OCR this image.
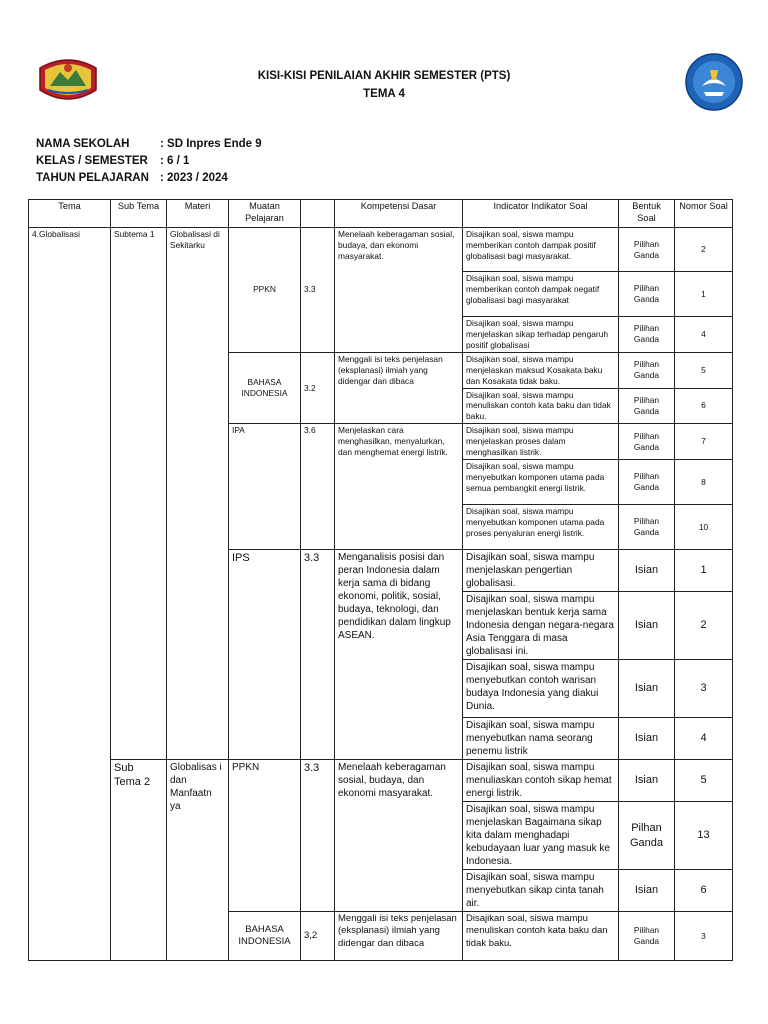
KISI-KISI PENILAIAN AKHIR SEMESTER (PTS)
TEMA 4
NAMA SEKOLAH	: SD Inpres Ende 9
KELAS / SEMESTER : 6 / 1
TAHUN PELAJARAN : 2023 / 2024
Tema	Sub Tema	Materi	Muatan Pelajaran		Kompetensi Dasar	Indicator Indikator Soal	Bentuk Soal	Nomor Soal
4.Globalisasi	Subtema 1	Globalisasi di Sekitarku	PPKN	3.3	Menelaah keberagaman sosial, budaya, dan ekonomi masyarakat.	Disajikan soal, siswa mampu memberikan contoh dampak positif globalisasi bagi masyarakat.	Pilihan Ganda	2
						Disajikan soal, siswa mampu memberikan contoh dampak negatif globalisasi bagi masyarakat	Pilihan Ganda	1
						Disajikan soal, siswa mampu menjelaskan sikap terhadap pengaruh positif globalisasi	Pilihan Ganda	4
			BAHASA INDONESIA	3.2	Menggali isi teks penjelasan (eksplanasi) ilmiah yang didengar dan dibaca	Disajikan soal, siswa mampu menjelaskan maksud Kosakata baku dan Kosakata tidak baku.	Pilihan Ganda	5
						Disajikan soal, siswa mampu menuliskan contoh kata baku dan tidak baku.	Pilihan Ganda	6
			IPA	3.6	Menjelaskan cara menghasilkan, menyalurkan, dan menghemat energi listrik.	Disajikan soal, siswa mampu menjelaskan proses dalam menghasilkan listrik.	Pilihan Ganda	7
						Disajikan soal, siswa mampu menyebutkan komponen utama pada semua pembangkit energi listrik.	Pilihan Ganda	8
						Disajikan soal, siswa mampu menyebutkan komponen utama pada proses penyaluran energi listrik.	Pilihan Ganda	10
			IPS	3.3	Menganalisis posisi dan peran Indonesia dalam kerja sama di bidang ekonomi, politik, sosial, budaya, teknologi, dan pendidikan dalam lingkup ASEAN.	Disajikan soal, siswa mampu menjelaskan pengertian globalisasi.	Isian	1
						Disajikan soal, siswa mampu menjelaskan bentuk kerja sama Indonesia dengan negara-negara Asia Tenggara di masa globalisasi ini.	Isian	2
						Disajikan soal, siswa mampu menyebutkan contoh warisan budaya Indonesia yang diakui Dunia.	Isian	3
						Disajikan soal, siswa mampu menyebutkan nama seorang penemu listrik	Isian	4
	Sub Tema 2	Globalisas i dan Manfaatn ya	PPKN	3.3	Menelaah keberagaman sosial, budaya, dan ekonomi masyarakat.	Disajikan soal, siswa mampu menuliaskan contoh sikap hemat energi listrik.	Isian	5
						Disajikan soal, siswa mampu menjelaskan Bagaimana sikap kita dalam menghadapi kebudayaan luar yang masuk ke Indonesia.	Pilhan Ganda	13
						Disajikan soal, siswa mampu menyebutkan sikap cinta tanah air.	Isian	6
			BAHASA INDONESIA	3,2	Menggali isi teks penjelasan (eksplanasi) ilmiah yang didengar dan dibaca	Disajikan soal, siswa mampu menuliskan contoh kata baku dan tidak baku.	Pilihan Ganda	3
